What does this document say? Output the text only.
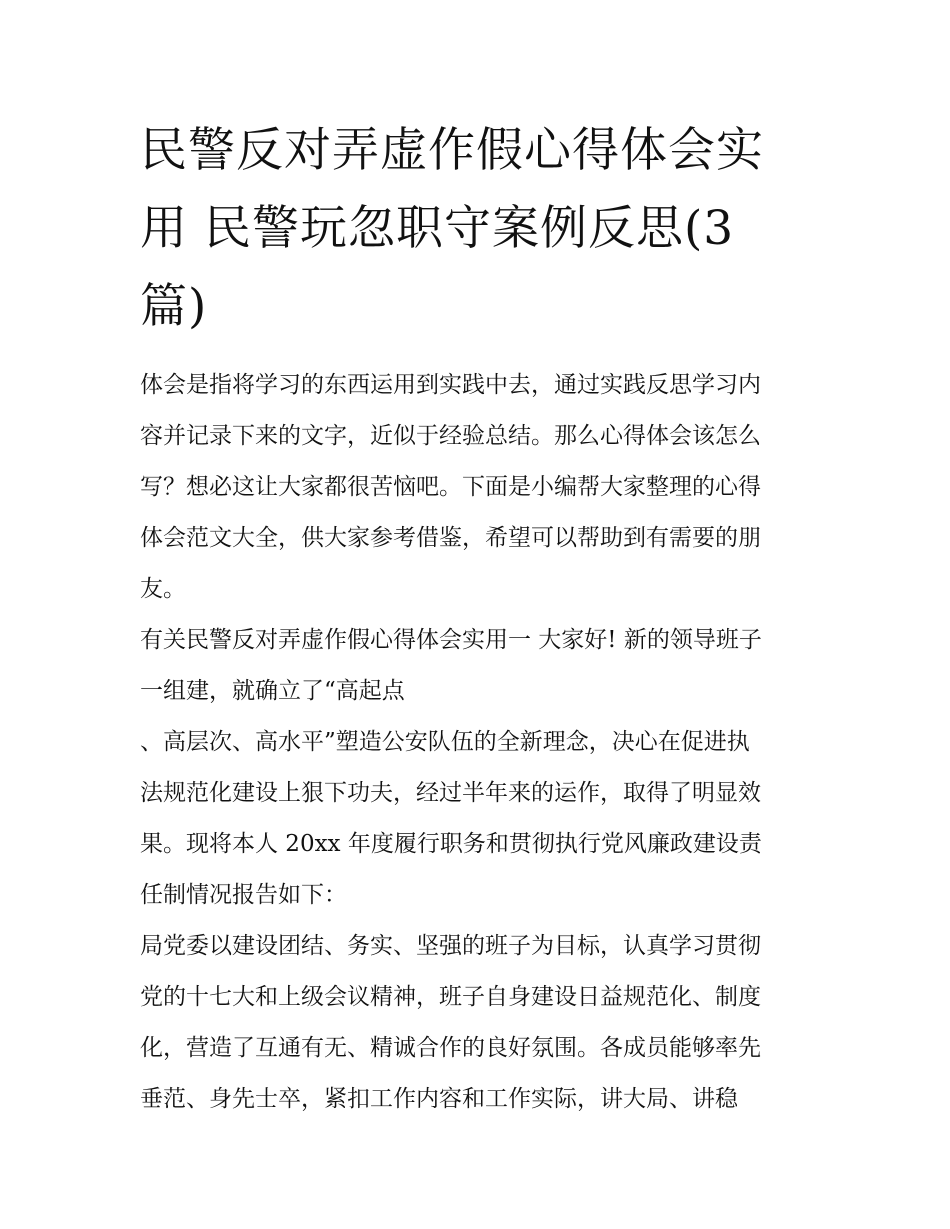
民警反对弄虚作假心得体会实
用 民警玩忽职守案例反思(3
篇)

体会是指将学习的东西运用到实践中去，通过实践反思学习内
容并记录下来的文字，近似于经验总结。那么心得体会该怎么
写？想必这让大家都很苦恼吧。下面是小编帮大家整理的心得
体会范文大全，供大家参考借鉴，希望可以帮助到有需要的朋
友。

有关民警反对弄虚作假心得体会实用一 大家好! 新的领导班子
一组建，就确立了“高起点

、高层次、高水平”塑造公安队伍的全新理念，决心在促进执
法规范化建设上狠下功夫，经过半年来的运作，取得了明显效
果。现将本人 20xx 年度履行职务和贯彻执行党风廉政建设责
任制情况报告如下：

局党委以建设团结、务实、坚强的班子为目标，认真学习贯彻
党的十七大和上级会议精神，班子自身建设日益规范化、制度
化，营造了互通有无、精诚合作的良好氛围。各成员能够率先
垂范、身先士卒，紧扣工作内容和工作实际，讲大局、讲稳
